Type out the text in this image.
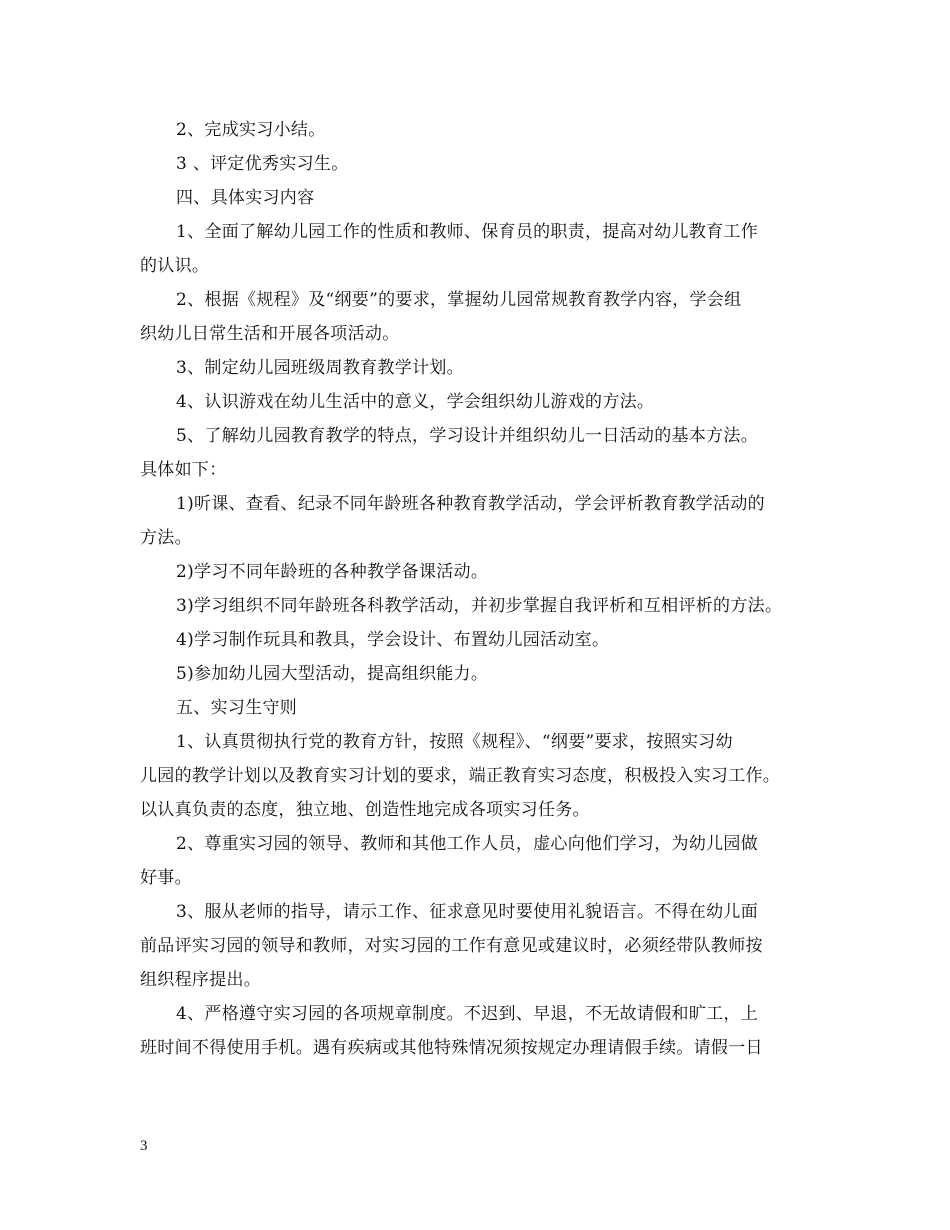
2、完成实习小结。
3 、评定优秀实习生。
四、具体实习内容
1、全面了解幼儿园工作的性质和教师、保育员的职责，提高对幼儿教育工作
的认识。
2、根据《规程》及“纲要”的要求，掌握幼儿园常规教育教学内容，学会组
织幼儿日常生活和开展各项活动。
3、制定幼儿园班级周教育教学计划。
4、认识游戏在幼儿生活中的意义，学会组织幼儿游戏的方法。
5、了解幼儿园教育教学的特点，学习设计并组织幼儿一日活动的基本方法。
具体如下：
1)听课、查看、纪录不同年龄班各种教育教学活动，学会评析教育教学活动的
方法。
2)学习不同年龄班的各种教学备课活动。
3)学习组织不同年龄班各科教学活动，并初步掌握自我评析和互相评析的方法。
4)学习制作玩具和教具，学会设计、布置幼儿园活动室。
5)参加幼儿园大型活动，提高组织能力。
五、实习生守则
1、认真贯彻执行党的教育方针，按照《规程》、“纲要”要求，按照实习幼
儿园的教学计划以及教育实习计划的要求，端正教育实习态度，积极投入实习工作。
以认真负责的态度，独立地、创造性地完成各项实习任务。
2、尊重实习园的领导、教师和其他工作人员，虚心向他们学习，为幼儿园做
好事。
3、服从老师的指导，请示工作、征求意见时要使用礼貌语言。不得在幼儿面
前品评实习园的领导和教师，对实习园的工作有意见或建议时，必须经带队教师按
组织程序提出。
4、严格遵守实习园的各项规章制度。不迟到、早退，不无故请假和旷工，上
班时间不得使用手机。遇有疾病或其他特殊情况须按规定办理请假手续。请假一日
3
